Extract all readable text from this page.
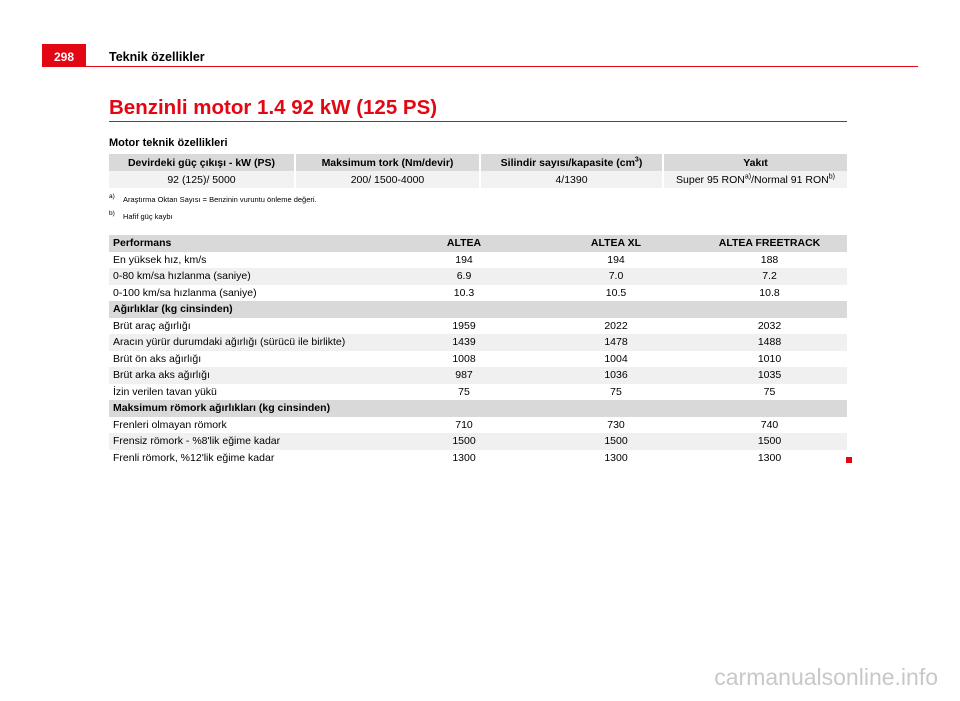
298	Teknik özellikler
Benzinli motor 1.4 92 kW (125 PS)
Motor teknik özellikleri
Devirdeki güç çıkışı - kW (PS)	Maksimum tork (Nm/devir)	Silindir sayısı/kapasite $(cm^3)$	Yakıt
92 (125)/ 5000	200/ 1500-4000	4/1390	Super 95 RON$^{a)}$/Normal 91 RON$^{b)}$
a)	Araştırma Oktan Sayısı = Benzinin vuruntu önleme değeri.
b)	Hafif güç kaybı
Performans	ALTEA	ALTEA XL	ALTEA FREETRACK
En yüksek hız, km/s	194	194	188
0-80 km/sa hızlanma (saniye)	6.9	7.0	7.2
0-100 km/sa hızlanma (saniye)	10.3	10.5	10.8
Ağırlıklar (kg cinsinden)			
Brüt araç ağırlığı	1959	2022	2032
Aracın yürür durumdaki ağırlığı (sürücü ile birlikte)	1439	1478	1488
Brüt ön aks ağırlığı	1008	1004	1010
Brüt arka aks ağırlığı	987	1036	1035
İzin verilen tavan yükü	75	75	75
Maksimum römork ağırlıkları (kg cinsinden)			
Frenleri olmayan römork	710	730	740
Frensiz römork - %8'lik eğime kadar	1500	1500	1500
Frenli römork, %12'lik eğime kadar	1300	1300	1300
carmanualsonline.info
